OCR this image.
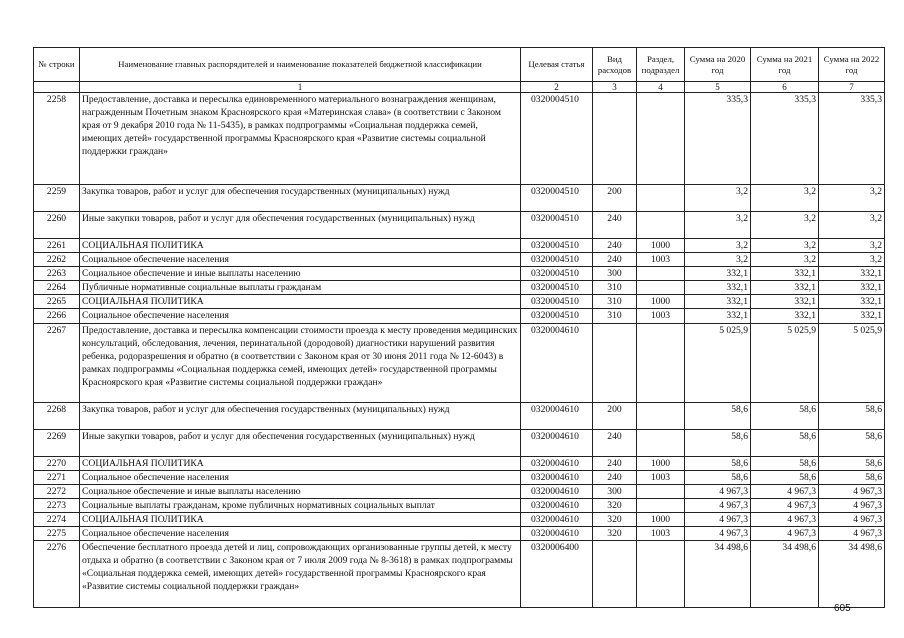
№ строки	Наименование главных распорядителей и наименование показателей бюджетной классификации	Целевая статья	Вид расходов	Раздел, подраздел	Сумма на 2020 год	Сумма на 2021 год	Сумма на 2022 год
	1	2	3	4	5	6	7
2258	Предоставление, доставка и пересылка единовременного материального вознаграждения женщинам, награжденным Почетным знаком Красноярского края «Материнская слава» (в соответствии с Законом края от 9 декабря 2010 года № 11-5435), в рамках подпрограммы «Социальная поддержка семей, имеющих детей» государственной программы Красноярского края «Развитие системы социальной поддержки граждан»	0320004510			335,3	335,3	335,3
2259	Закупка товаров, работ и услуг для обеспечения государственных (муниципальных) нужд	0320004510	200		3,2	3,2	3,2
2260	Иные закупки товаров, работ и услуг для обеспечения государственных (муниципальных) нужд	0320004510	240		3,2	3,2	3,2
2261	СОЦИАЛЬНАЯ ПОЛИТИКА	0320004510	240	1000	3,2	3,2	3,2
2262	Социальное обеспечение населения	0320004510	240	1003	3,2	3,2	3,2
2263	Социальное обеспечение и иные выплаты населению	0320004510	300		332,1	332,1	332,1
2264	Публичные нормативные социальные выплаты гражданам	0320004510	310		332,1	332,1	332,1
2265	СОЦИАЛЬНАЯ ПОЛИТИКА	0320004510	310	1000	332,1	332,1	332,1
2266	Социальное обеспечение населения	0320004510	310	1003	332,1	332,1	332,1
2267	Предоставление, доставка и пересылка компенсации стоимости проезда к месту проведения медицинских консультаций, обследования, лечения, перинатальной (дородовой) диагностики нарушений развития ребенка, родоразрешения и обратно (в соответствии с Законом края от 30 июня 2011 года № 12-6043) в рамках подпрограммы «Социальная поддержка семей, имеющих детей» государственной программы Красноярского края «Развитие системы социальной поддержки граждан»	0320004610			5 025,9	5 025,9	5 025,9
2268	Закупка товаров, работ и услуг для обеспечения государственных (муниципальных) нужд	0320004610	200		58,6	58,6	58,6
2269	Иные закупки товаров, работ и услуг для обеспечения государственных (муниципальных) нужд	0320004610	240		58,6	58,6	58,6
2270	СОЦИАЛЬНАЯ ПОЛИТИКА	0320004610	240	1000	58,6	58,6	58,6
2271	Социальное обеспечение населения	0320004610	240	1003	58,6	58,6	58,6
2272	Социальное обеспечение и иные выплаты населению	0320004610	300		4 967,3	4 967,3	4 967,3
2273	Социальные выплаты гражданам, кроме публичных нормативных социальных выплат	0320004610	320		4 967,3	4 967,3	4 967,3
2274	СОЦИАЛЬНАЯ ПОЛИТИКА	0320004610	320	1000	4 967,3	4 967,3	4 967,3
2275	Социальное обеспечение населения	0320004610	320	1003	4 967,3	4 967,3	4 967,3
2276	Обеспечение бесплатного проезда детей и лиц, сопровождающих организованные группы детей, к месту отдыха и обратно (в соответствии с Законом края от 7 июля 2009 года № 8-3618) в рамках подпрограммы «Социальная поддержка семей, имеющих детей» государственной программы Красноярского края «Развитие системы социальной поддержки граждан»	0320006400			34 498,6	34 498,6	34 498,6
605
